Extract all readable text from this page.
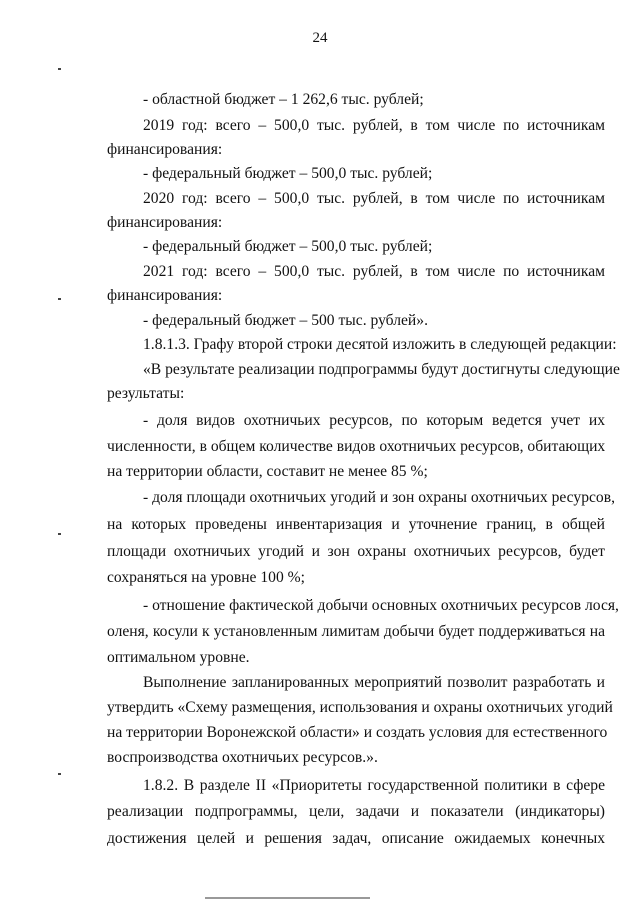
24
- областной бюджет – 1 262,6 тыс. рублей;
2019 год: всего – 500,0 тыс. рублей, в том числе по источникам
финансирования:
- федеральный бюджет – 500,0 тыс. рублей;
2020 год: всего – 500,0 тыс. рублей, в том числе по источникам
финансирования:
- федеральный бюджет – 500,0 тыс. рублей;
2021 год: всего – 500,0 тыс. рублей, в том числе по источникам
финансирования:
- федеральный бюджет – 500 тыс. рублей».
1.8.1.3. Графу второй строки десятой изложить в следующей редакции:
«В результате реализации подпрограммы будут достигнуты следующие
результаты:
- доля видов охотничьих ресурсов, по которым ведется учет их
численности, в общем количестве видов охотничьих ресурсов, обитающих
на территории области, составит не менее 85 %;
- доля площади охотничьих угодий и зон охраны охотничьих ресурсов,
на которых проведены инвентаризация и уточнение границ, в общей
площади охотничьих угодий и зон охраны охотничьих ресурсов, будет
сохраняться на уровне 100 %;
- отношение фактической добычи основных охотничьих ресурсов лося,
оленя, косули к установленным лимитам добычи будет поддерживаться на
оптимальном уровне.
Выполнение запланированных мероприятий позволит разработать и
утвердить «Схему размещения, использования и охраны охотничьих угодий
на территории Воронежской области» и создать условия для естественного
воспроизводства охотничьих ресурсов.».
1.8.2. В разделе II «Приоритеты государственной политики в сфере
реализации подпрограммы, цели, задачи и показатели (индикаторы)
достижения целей и решения задач, описание ожидаемых конечных
